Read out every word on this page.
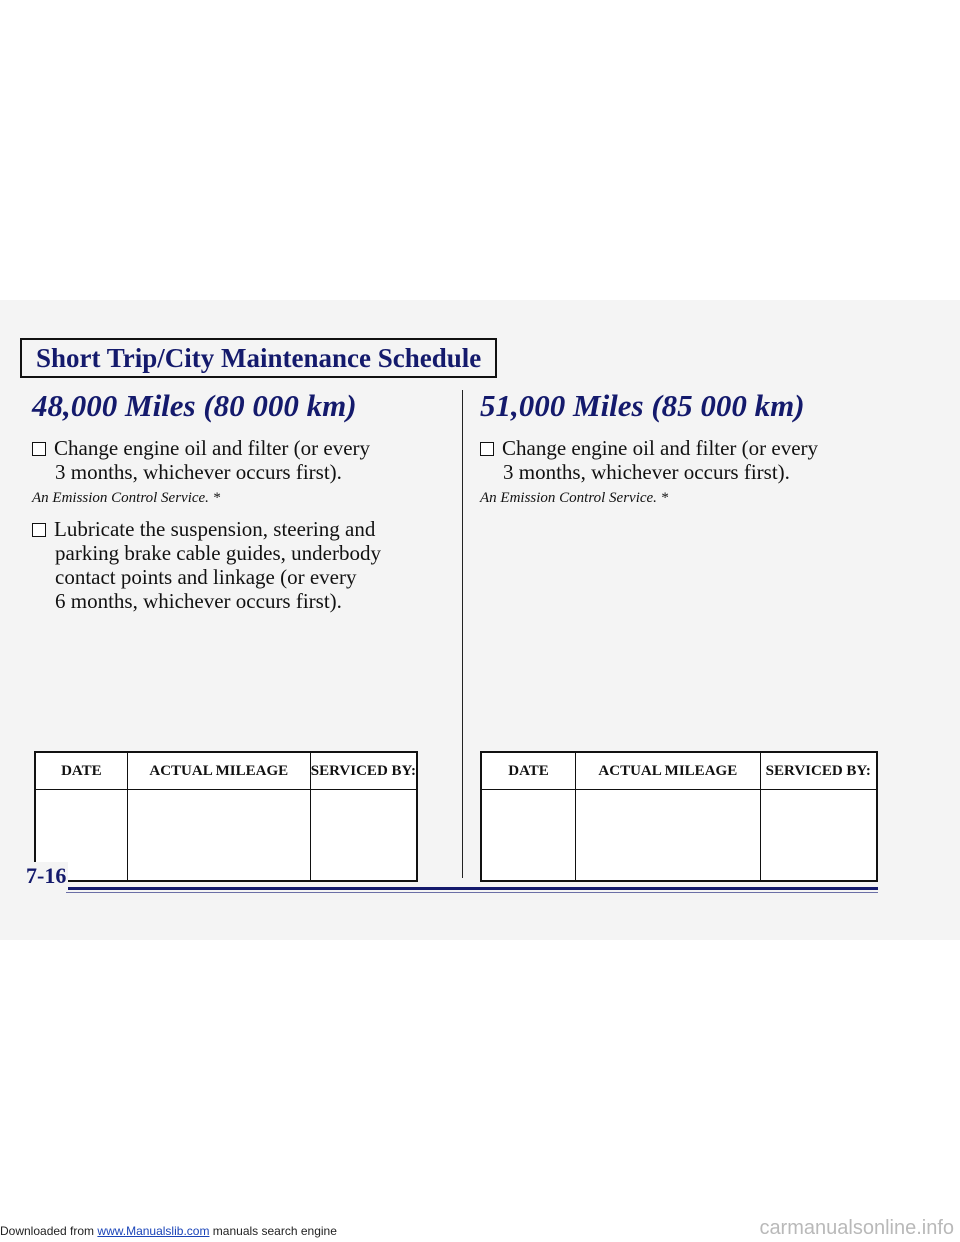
Short Trip/City Maintenance Schedule
48,000 Miles (80 000 km)
Change engine oil and filter (or every
3 months, whichever occurs first).
An Emission Control Service. *
Lubricate the suspension, steering and
parking brake cable guides, underbody
contact points and linkage (or every
6 months, whichever occurs first).
51,000 Miles (85 000 km)
Change engine oil and filter (or every
3 months, whichever occurs first).
An Emission Control Service. *
DATE	ACTUAL MILEAGE	SERVICED BY:
			DATE	ACTUAL MILEAGE	SERVICED BY:

7-16
Downloaded from www.Manualslib.com manuals search engine	carmanualsonline.info
